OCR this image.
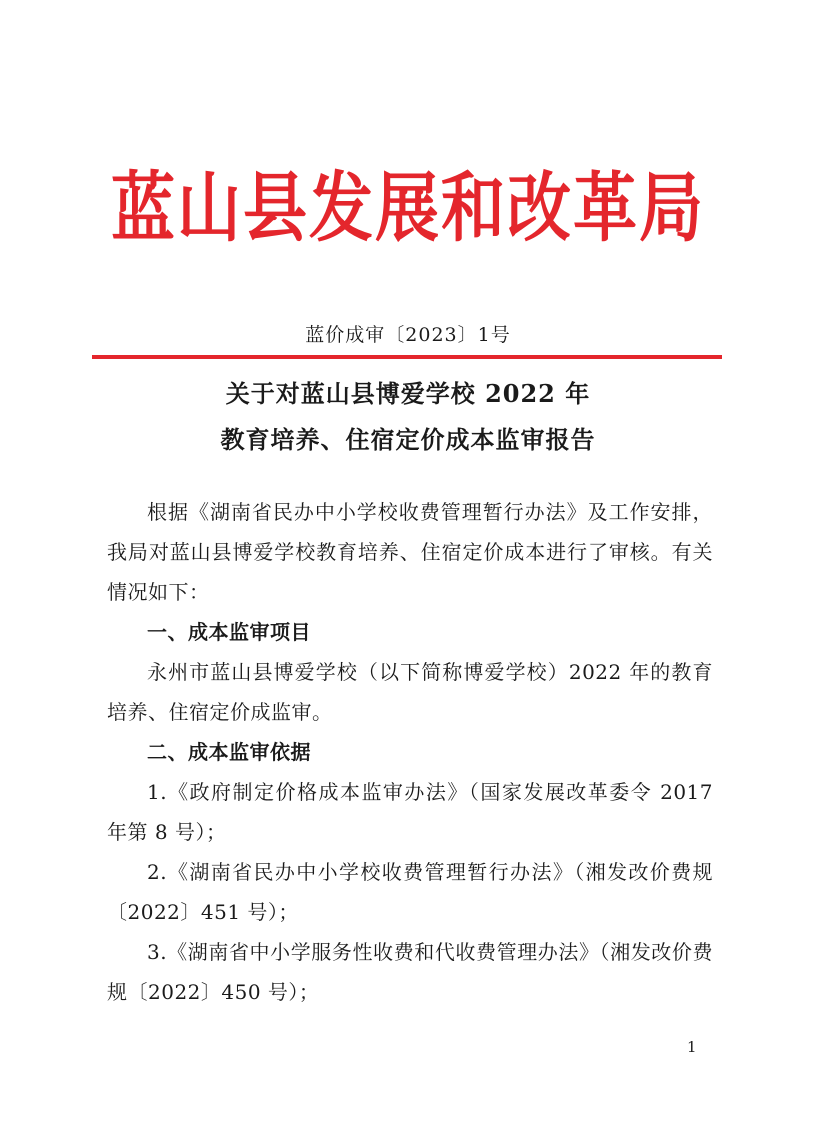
蓝山县发展和改革局
蓝价成审〔2023〕1号
关于对蓝山县博爱学校 2022 年
教育培养、住宿定价成本监审报告

根据《湖南省民办中小学校收费管理暂行办法》及工作安排，我局对蓝山县博爱学校教育培养、住宿定价成本进行了审核。有关情况如下：

一、成本监审项目

永州市蓝山县博爱学校（以下简称博爱学校）2022 年的教育培养、住宿定价成监审。

二、成本监审依据

1.《政府制定价格成本监审办法》（国家发展改革委令 2017 年第 8 号）；

2.《湖南省民办中小学校收费管理暂行办法》（湘发改价费规〔2022〕451 号）；

3.《湖南省中小学服务性收费和代收费管理办法》（湘发改价费规〔2022〕450 号）；

1
